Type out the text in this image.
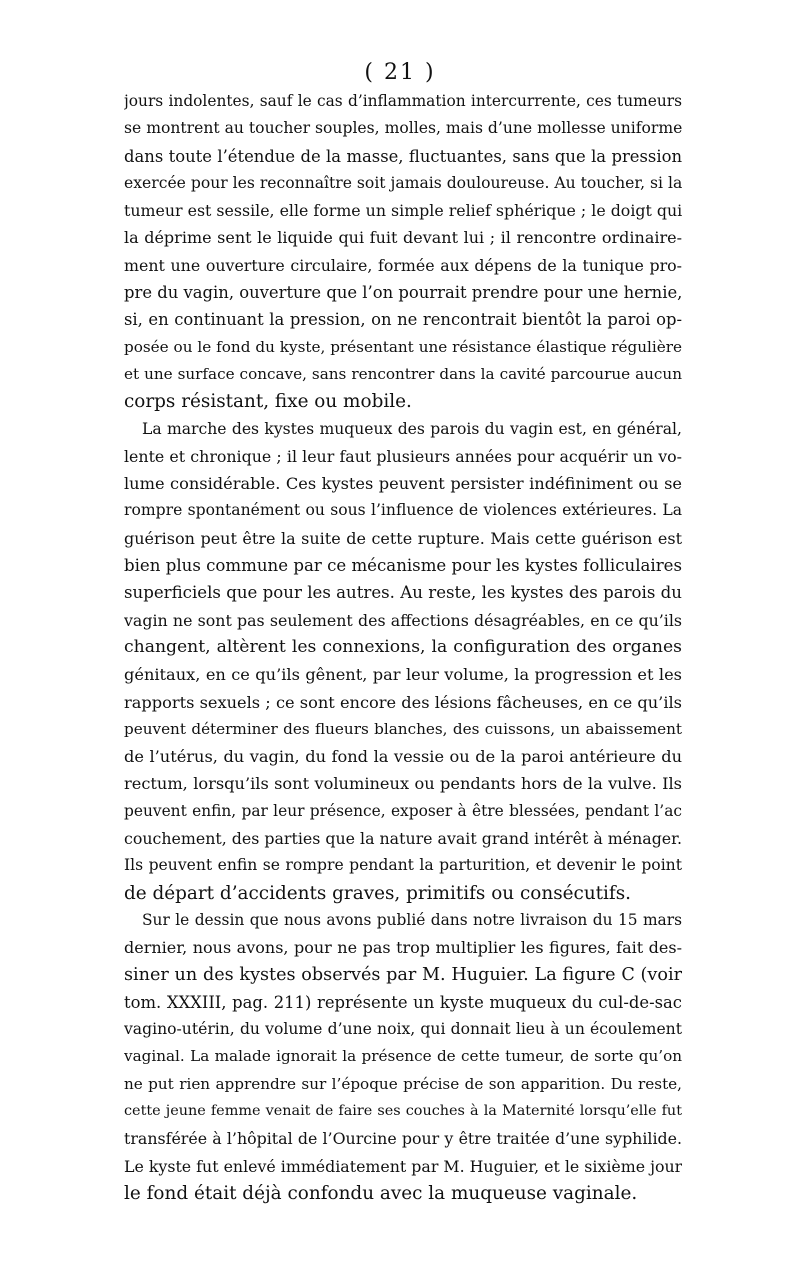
( 21 )
jours indolentes, sauf le cas d’inflammation intercurrente, ces tumeurs
se montrent au toucher souples, molles, mais d’une mollesse uniforme
dans toute l’étendue de la masse, fluctuantes, sans que la pression
exercée pour les reconnaître soit jamais douloureuse. Au toucher, si la
tumeur est sessile, elle forme un simple relief sphérique ; le doigt qui
la déprime sent le liquide qui fuit devant lui ; il rencontre ordinaire-
ment une ouverture circulaire, formée aux dépens de la tunique pro-
pre du vagin, ouverture que l’on pourrait prendre pour une hernie,
si, en continuant la pression, on ne rencontrait bientôt la paroi op-
posée ou le fond du kyste, présentant une résistance élastique régulière
et une surface concave, sans rencontrer dans la cavité parcourue aucun
corps résistant, fixe ou mobile.
La marche des kystes muqueux des parois du vagin est, en général,
lente et chronique ; il leur faut plusieurs années pour acquérir un vo-
lume considérable. Ces kystes peuvent persister indéfiniment ou se
rompre spontanément ou sous l’influence de violences extérieures. La
guérison peut être la suite de cette rupture. Mais cette guérison est
bien plus commune par ce mécanisme pour les kystes folliculaires
superficiels que pour les autres. Au reste, les kystes des parois du
vagin ne sont pas seulement des affections désagréables, en ce qu’ils
changent, altèrent les connexions, la configuration des organes
génitaux, en ce qu’ils gênent, par leur volume, la progression et les
rapports sexuels ; ce sont encore des lésions fâcheuses, en ce qu’ils
peuvent déterminer des flueurs blanches, des cuissons, un abaissement
de l’utérus, du vagin, du fond la vessie ou de la paroi antérieure du
rectum, lorsqu’ils sont volumineux ou pendants hors de la vulve. Ils
peuvent enfin, par leur présence, exposer à être blessées, pendant l’ac
couchement, des parties que la nature avait grand intérêt à ménager.
Ils peuvent enfin se rompre pendant la parturition, et devenir le point
de départ d’accidents graves, primitifs ou consécutifs.
Sur le dessin que nous avons publié dans notre livraison du 15 mars
dernier, nous avons, pour ne pas trop multiplier les figures, fait des-
siner un des kystes observés par M. Huguier. La figure C (voir
tom. XXXIII, pag. 211) représente un kyste muqueux du cul-de-sac
vagino-utérin, du volume d’une noix, qui donnait lieu à un écoulement
vaginal. La malade ignorait la présence de cette tumeur, de sorte qu’on
ne put rien apprendre sur l’époque précise de son apparition. Du reste,
cette jeune femme venait de faire ses couches à la Maternité lorsqu’elle fut
transférée à l’hôpital de l’Ourcine pour y être traitée d’une syphilide.
Le kyste fut enlevé immédiatement par M. Huguier, et le sixième jour
le fond était déjà confondu avec la muqueuse vaginale.
